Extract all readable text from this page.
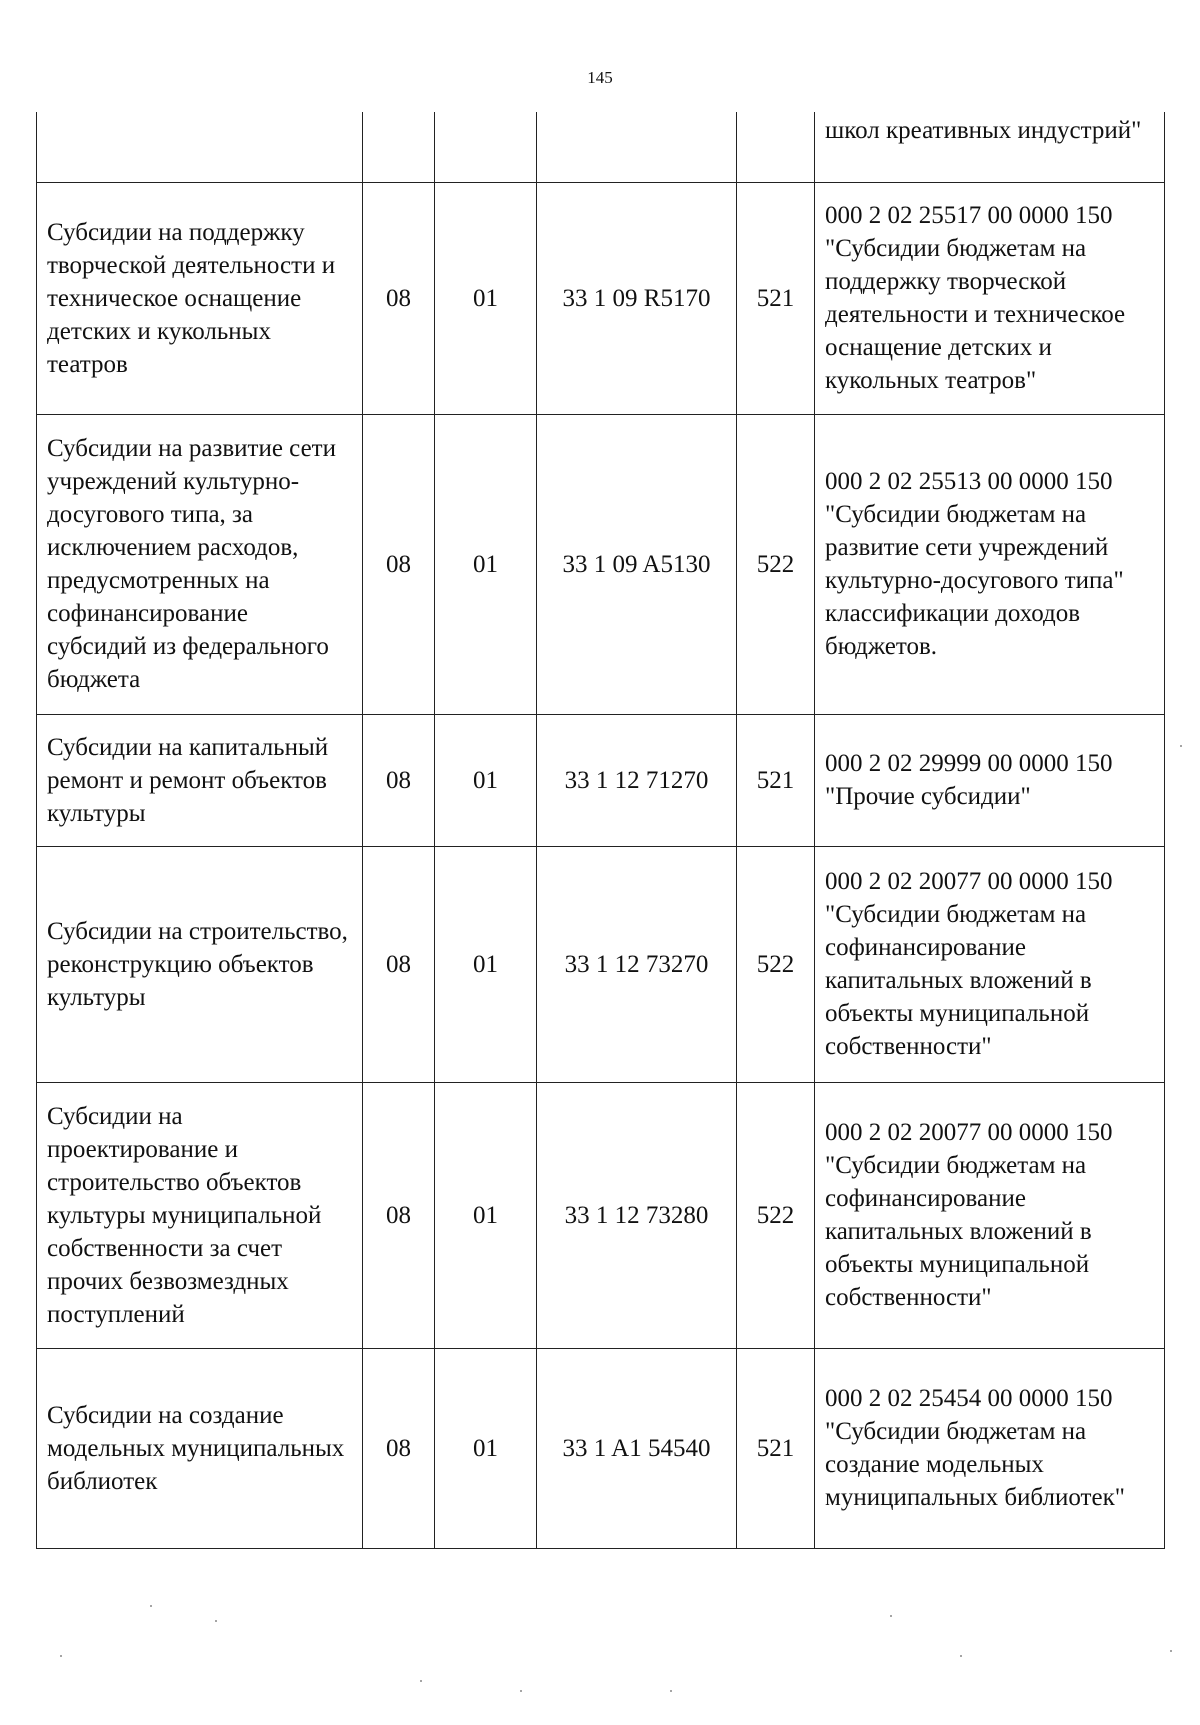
145
					школ креативных индустрий"
Субсидии на поддержку творческой деятельности и техническое оснащение детских и кукольных театров	08	01	33 1 09 R5170	521	000 2 02 25517 00 0000 150 "Субсидии бюджетам на поддержку творческой деятельности и техническое оснащение детских и кукольных театров"
Субсидии на развитие сети учреждений культурно-досугового типа, за исключением расходов, предусмотренных на софинансирование субсидий из федерального бюджета	08	01	33 1 09 A5130	522	000 2 02 25513 00 0000 150 "Субсидии бюджетам на развитие сети учреждений культурно-досугового типа" классификации доходов бюджетов.
Субсидии на капитальный ремонт и ремонт объектов культуры	08	01	33 1 12 71270	521	000 2 02 29999 00 0000 150 "Прочие субсидии"
Субсидии на строительство, реконструкцию объектов культуры	08	01	33 1 12 73270	522	000 2 02 20077 00 0000 150 "Субсидии бюджетам на софинансирование капитальных вложений в объекты муниципальной собственности"
Субсидии на проектирование и строительство объектов культуры муниципальной собственности за счет прочих безвозмездных поступлений	08	01	33 1 12 73280	522	000 2 02 20077 00 0000 150 "Субсидии бюджетам на софинансирование капитальных вложений в объекты муниципальной собственности"
Субсидии на создание модельных муниципальных библиотек	08	01	33 1 A1 54540	521	000 2 02 25454 00 0000 150 "Субсидии бюджетам на создание модельных муниципальных библиотек"
